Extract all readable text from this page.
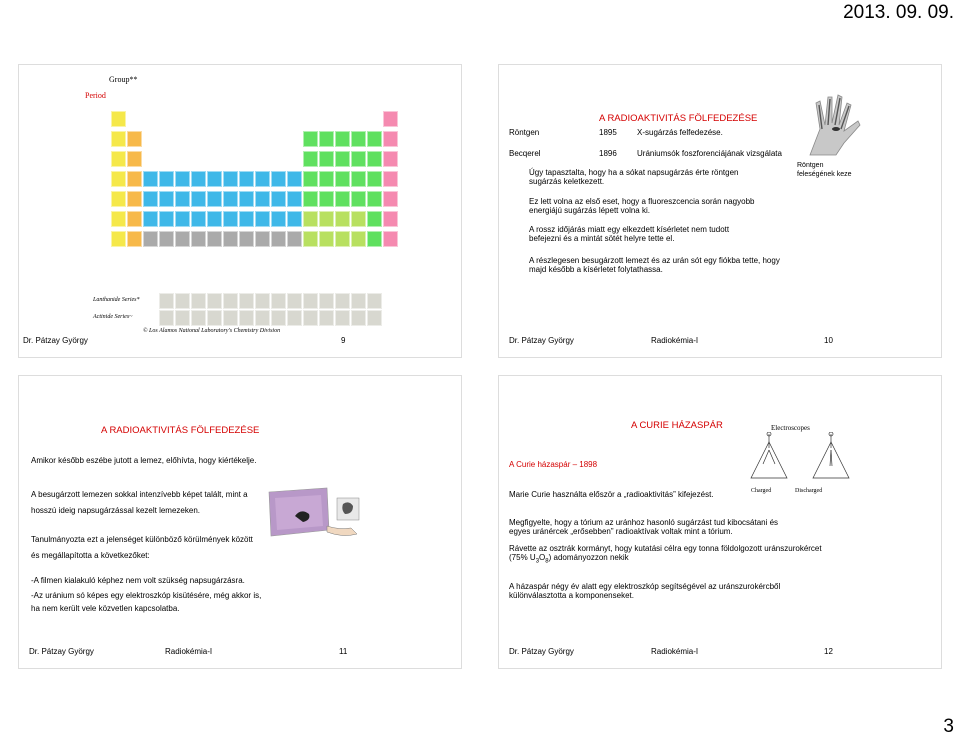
2013. 09. 09.
Group**
Period
Lanthanide Series*
Actinide Series~
© Los Alamos National Laboratory's Chemistry Division
Dr. Pátzay György	9
A RADIOAKTIVITÁS FÖLFEDEZÉSE
Röntgen	1895	X-sugárzás felfedezése.
Becqerel	1896	Urániumsók foszforenciájának vizsgálata
Úgy tapasztalta, hogy ha a sókat napsugárzás érte röntgen sugárzás keletkezett.
Röntgen feleségének keze
Ez lett volna az első eset, hogy a fluoreszcencia során nagyobb energiájú sugárzás lépett volna ki.
A rossz időjárás miatt egy elkezdett kísérletet nem tudott befejezni és a mintát sötét helyre tette el.
A részlegesen besugárzott lemezt és az urán sót egy fiókba tette, hogy majd később a kísérletet folytathassa.
Dr. Pátzay György	Radiokémia-I	10
A RADIOAKTIVITÁS FÖLFEDEZÉSE
Amikor később eszébe jutott a lemez, előhívta, hogy kiértékelje.
A besugárzott lemezen sokkal intenzívebb képet talált, mint a hosszú ideig napsugárzással kezelt lemezeken.
Tanulmányozta ezt a jelenséget különböző körülmények között és megállapította a következőket:
-A filmen kialakuló képhez nem volt szükség napsugárzásra.
-Az uránium só képes egy elektroszkóp kisütésére, még akkor is, ha nem került vele közvetlen kapcsolatba.
Dr. Pátzay György	Radiokémia-I	11
A CURIE HÁZASPÁR	Electroscopes
Charged	Discharged
A Curie házaspár – 1898
Marie Curie használta először a „radioaktivitás” kifejezést.
Megfigyelte, hogy a tórium az uránhoz hasonló sugárzást tud kibocsátani és egyes uránércek „erősebben” radioaktívak voltak mint a tórium.
Rávette az osztrák kormányt, hogy kutatási célra egy tonna földolgozott uránszurokércet (75% $U_3O_8$) adományozzon nekik
A házaspár négy év alatt egy elektroszkóp segítségével az uránszurokércből különválasztotta a komponenseket.
Dr. Pátzay György	Radiokémia-I	12
3
